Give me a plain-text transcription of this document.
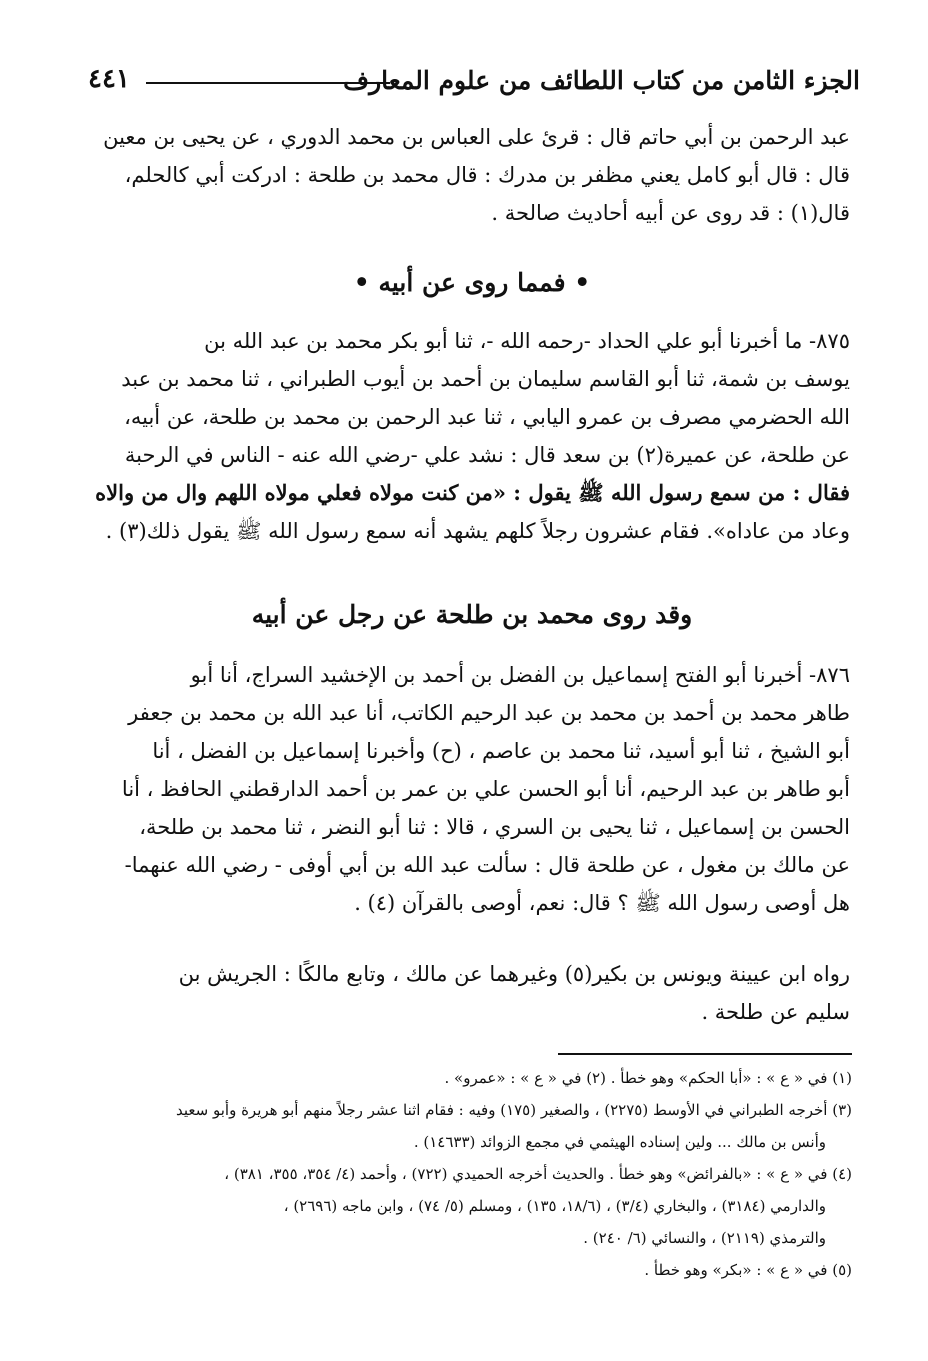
الجزء الثامن من كتاب اللطائف من علوم المعارف
٤٤١
عبد الرحمن بن أبي حاتم قال : قرئ على العباس بن محمد الدوري ، عن يحيى بن معين
قال : قال أبو كامل يعني مظفر بن مدرك : قال محمد بن طلحة : ادركت أبي كالحلم،
قال(١) : قد روى عن أبيه أحاديث صالحة .
• فمما روى عن أبيه •
٨٧٥- ما أخبرنا أبو علي الحداد -رحمه الله -، ثنا أبو بكر محمد بن عبد الله بن
يوسف بن شمة، ثنا أبو القاسم سليمان بن أحمد بن أيوب الطبراني ، ثنا محمد بن عبد
الله الحضرمي مصرف بن عمرو اليابي ، ثنا عبد الرحمن بن محمد بن طلحة، عن أبيه،
عن طلحة، عن عميرة(٢) بن سعد قال : نشد علي -رضي الله عنه - الناس في الرحبة
فقال : من سمع رسول الله ﷺ يقول : «من كنت مولاه فعلي مولاه اللهم وال من والاه
وعاد من عاداه». فقام عشرون رجلاً كلهم يشهد أنه سمع رسول الله ﷺ يقول ذلك(٣) .
وقد روى محمد بن طلحة عن رجل عن أبيه
٨٧٦- أخبرنا أبو الفتح إسماعيل بن الفضل بن أحمد بن الإخشيد السراج، أنا أبو
طاهر محمد بن أحمد بن محمد بن عبد الرحيم الكاتب، أنا عبد الله بن محمد بن جعفر
أبو الشيخ ، ثنا أبو أسيد، ثنا محمد بن عاصم ، (ح) وأخبرنا إسماعيل بن الفضل ، أنا
أبو طاهر بن عبد الرحيم، أنا أبو الحسن علي بن عمر بن أحمد الدارقطني الحافظ ، أنا
الحسن بن إسماعيل ، ثنا يحيى بن السري ، قالا : ثنا أبو النضر ، ثنا محمد بن طلحة،
عن مالك بن مغول ، عن طلحة قال : سألت عبد الله بن أبي أوفى - رضي الله عنهما-
هل أوصى رسول الله ﷺ ؟ قال: نعم، أوصى بالقرآن (٤) .
رواه ابن عيينة ويونس بن بكير(٥) وغيرهما عن مالك ، وتابع مالكًا : الجريش بن
سليم عن طلحة .
(١) في « ع » : «أبا الحكم» وهو خطأ . (٢) في « ع » : «عمرو» .
(٣) أخرجه الطبراني في الأوسط (٢٢٧٥) ، والصغير (١٧٥) وفيه : فقام اثنا عشر رجلاً منهم أبو هريرة وأبو سعيد
وأنس بن مالك ... ولين إسناده الهيثمي في مجمع الزوائد (١٤٦٣٣) .
(٤) في « ع » : «بالفرائض» وهو خطأ . والحديث أخرجه الحميدي (٧٢٢) ، وأحمد (٤/ ٣٥٤، ٣٥٥، ٣٨١) ،
والدارمي (٣١٨٤) ، والبخاري (٣/٤) ، (١٨/٦، ١٣٥) ، ومسلم (٥/ ٧٤) ، وابن ماجه (٢٦٩٦) ،
والترمذي (٢١١٩) ، والنسائي (٦/ ٢٤٠) .
(٥) في « ع » : «بكر» وهو خطأ .
